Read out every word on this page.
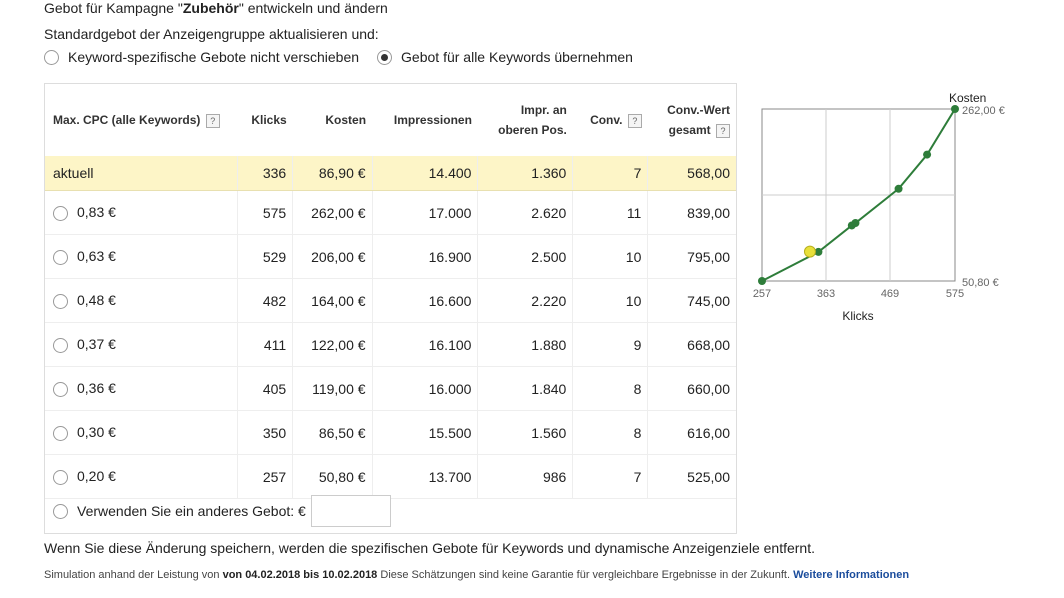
Gebot für Kampagne "Zubehör" entwickeln und ändern
Standardgebot der Anzeigengruppe aktualisieren und:
Keyword-spezifische Gebote nicht verschieben	Gebot für alle Keywords übernehmen
Max. CPC (alle Keywords) ?	Klicks	Kosten	Impressionen	Impr. an
oberen Pos.	Conv. ?	Conv.-Wert
gesamt ?
aktuell	336	86,90 €	14.400	1.360	7	568,00
0,83 €	575	262,00 €	17.000	2.620	11	839,00
0,63 €	529	206,00 €	16.900	2.500	10	795,00
0,48 €	482	164,00 €	16.600	2.220	10	745,00
0,37 €	411	122,00 €	16.100	1.880	9	668,00
0,36 €	405	119,00 €	16.000	1.840	8	660,00
0,30 €	350	86,50 €	15.500	1.560	8	616,00
0,20 €	257	50,80 €	13.700	986	7	525,00
Verwenden Sie ein anderes Gebot: €
Kosten
262,00 €
50,80 €
257	363	469	575
Klicks
Wenn Sie diese Änderung speichern, werden die spezifischen Gebote für Keywords und dynamische Anzeigenziele entfernt.
Simulation anhand der Leistung von von 04.02.2018 bis 10.02.2018 Diese Schätzungen sind keine Garantie für vergleichbare Ergebnisse in der Zukunft. Weitere Informationen
